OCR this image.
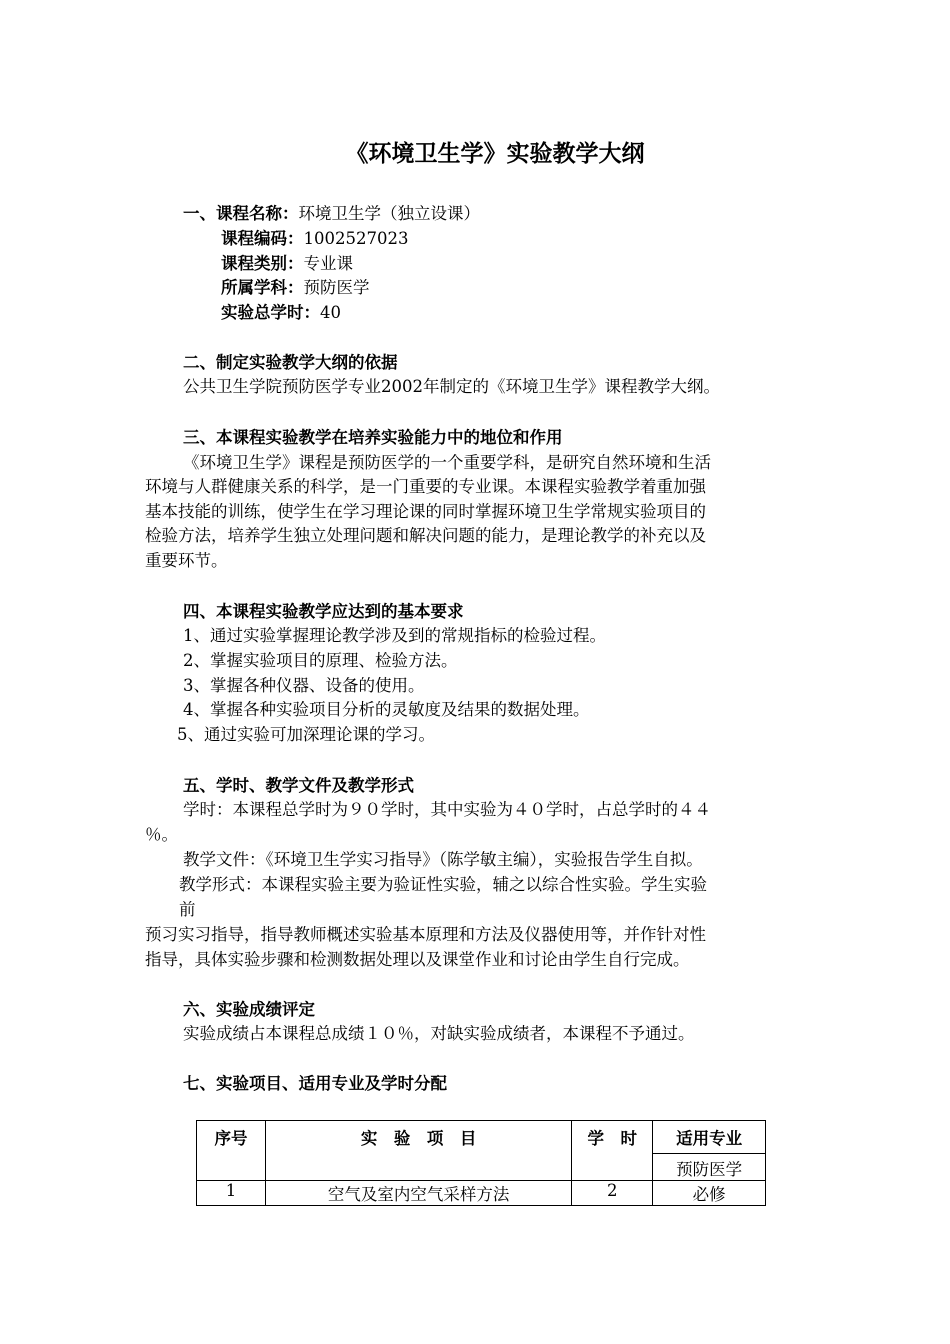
《环境卫生学》实验教学大纲
一、课程名称：环境卫生学（独立设课）
课程编码：1002527023
课程类别：专业课
所属学科：预防医学
实验总学时：40
二、制定实验教学大纲的依据
公共卫生学院预防医学专业2002年制定的《环境卫生学》课程教学大纲。
三、本课程实验教学在培养实验能力中的地位和作用
《环境卫生学》课程是预防医学的一个重要学科，是研究自然环境和生活
环境与人群健康关系的科学，是一门重要的专业课。本课程实验教学着重加强
基本技能的训练，使学生在学习理论课的同时掌握环境卫生学常规实验项目的
检验方法，培养学生独立处理问题和解决问题的能力，是理论教学的补充以及
重要环节。
四、本课程实验教学应达到的基本要求
1、通过实验掌握理论教学涉及到的常规指标的检验过程。
2、掌握实验项目的原理、检验方法。
3、掌握各种仪器、设备的使用。
4、掌握各种实验项目分析的灵敏度及结果的数据处理。
5、通过实验可加深理论课的学习。
五、学时、教学文件及教学形式
学时：本课程总学时为９０学时，其中实验为４０学时，占总学时的４４
％。
教学文件：《环境卫生学实习指导》（陈学敏主编），实验报告学生自拟。
教学形式：本课程实验主要为验证性实验，辅之以综合性实验。学生实验
前
预习实习指导，指导教师概述实验基本原理和方法及仪器使用等，并作针对性
指导，具体实验步骤和检测数据处理以及课堂作业和讨论由学生自行完成。
六、实验成绩评定
实验成绩占本课程总成绩１０％，对缺实验成绩者，本课程不予通过。
七、实验项目、适用专业及学时分配
序号	实　验　项　目	学　时	适用专业
			预防医学
1	空气及室内空气采样方法	2	必修
